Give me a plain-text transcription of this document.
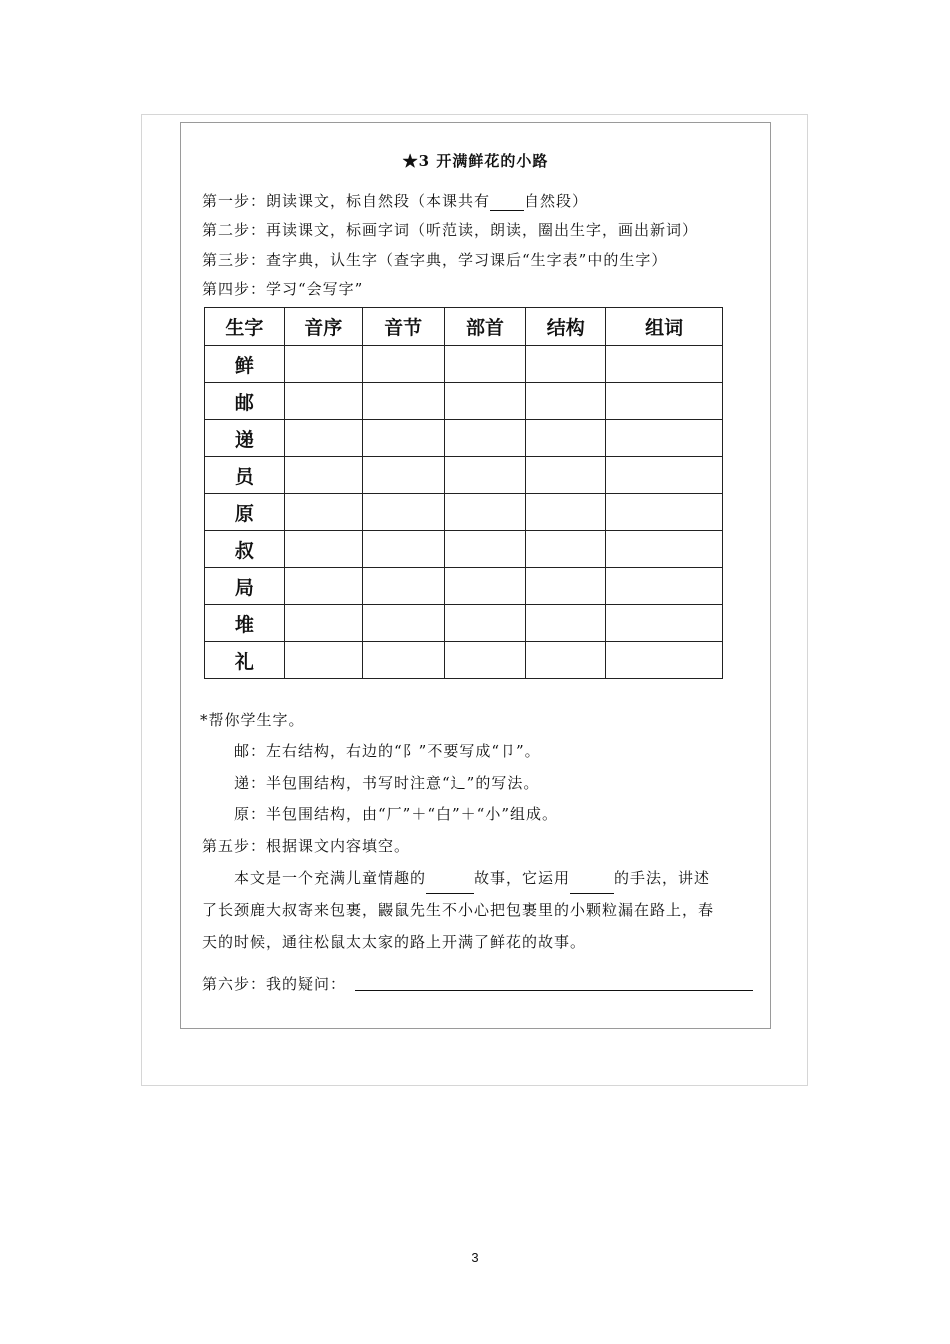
★3 开满鲜花的小路
第一步：朗读课文，标自然段（本课共有 自然段）
第二步：再读课文，标画字词（听范读，朗读，圈出生字，画出新词）
第三步：查字典，认生字（查字典，学习课后“生字表”中的生字）
第四步：学习“会写字”
生字	音序	音节	部首	结构	组词
鲜					
邮					
递					
员					
原					
叔					
局					
堆					
礼					
*帮你学生字。
邮：左右结构，右边的“阝”不要写成“卩”。
递：半包围结构，书写时注意“辶”的写法。
原：半包围结构，由“厂”＋“白”＋“小”组成。
第五步：根据课文内容填空。
本文是一个充满儿童情趣的	故事，它运用	的手法，讲述
了长颈鹿大叔寄来包裹，鼹鼠先生不小心把包裹里的小颗粒漏在路上，春
天的时候，通往松鼠太太家的路上开满了鲜花的故事。
第六步：我的疑问：
3
